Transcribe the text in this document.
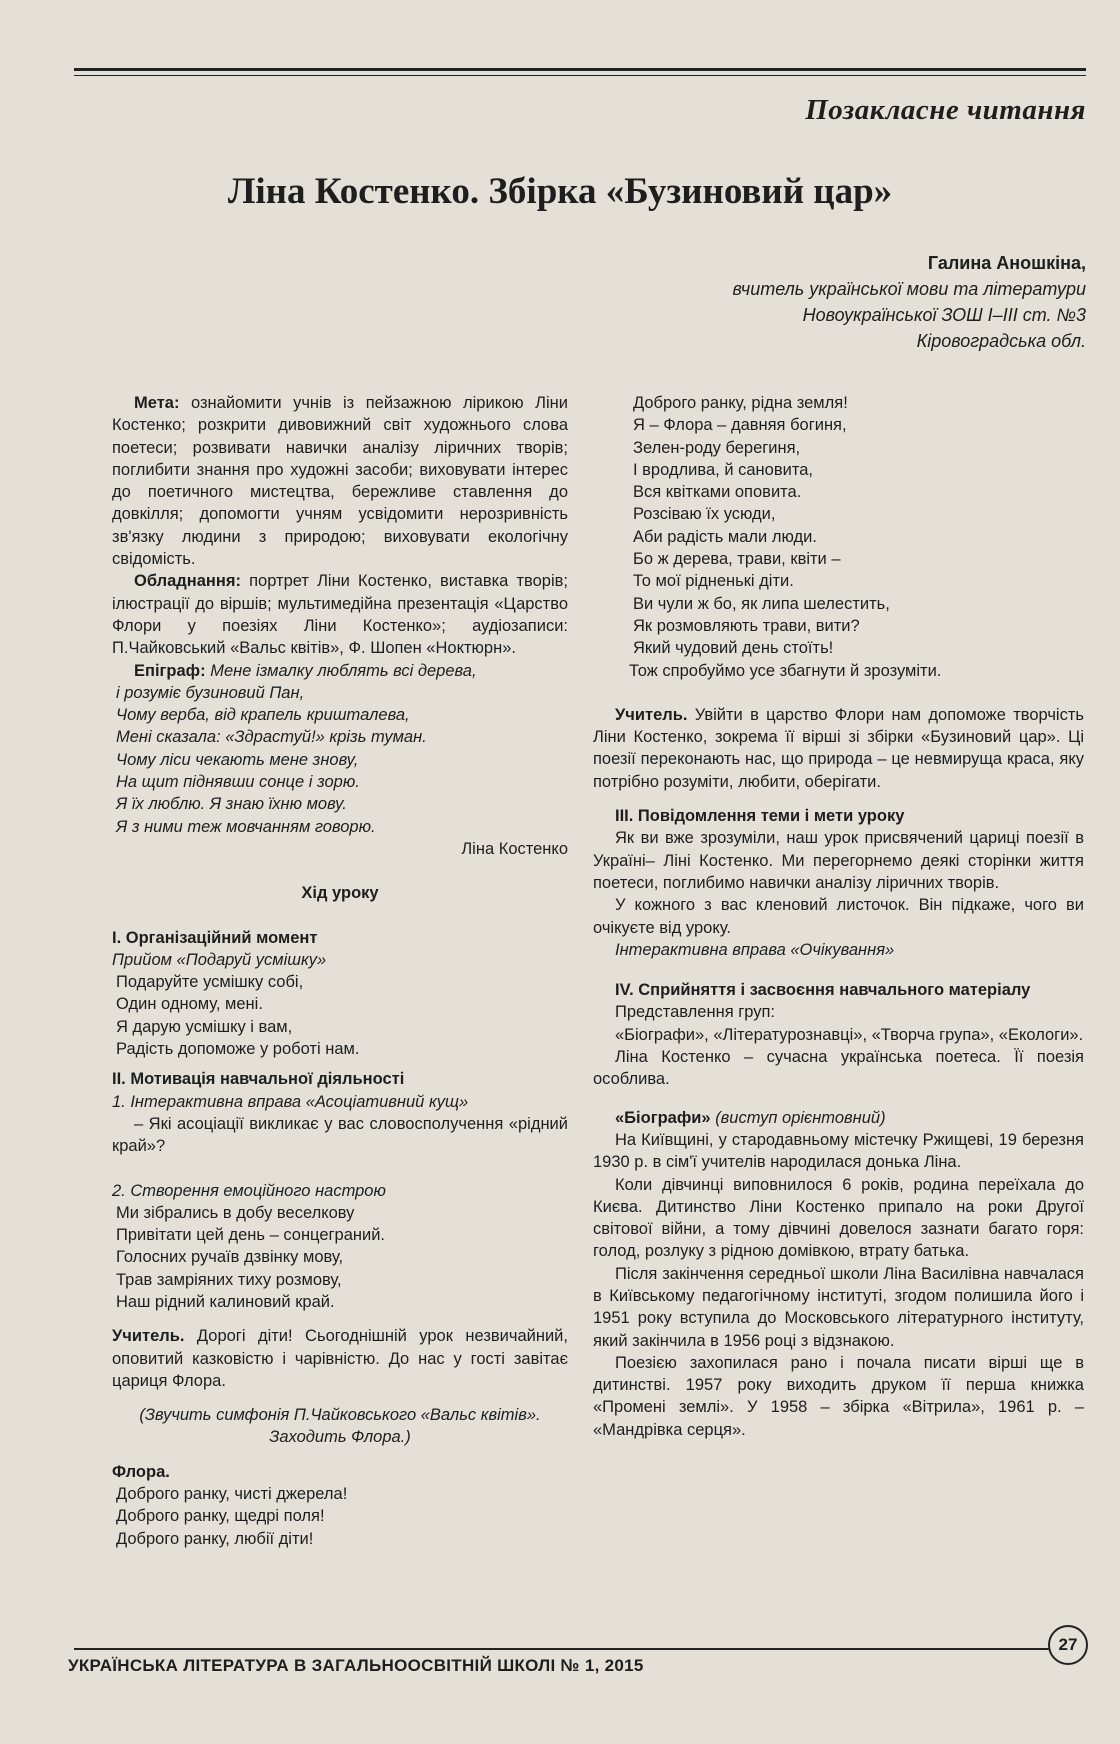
Позакласне читання
Ліна Костенко. Збірка «Бузиновий цар»
Галина Аношкіна,
вчитель української мови та літератури
Новоукраїнської ЗОШ І–ІІІ ст. №3
Кіровоградська обл.

Мета: ознайомити учнів із пейзажною лірикою Ліни Костенко; розкрити дивовижний світ художнього слова поетеси; розвивати навички аналізу ліричних творів; поглибити знання про художні засоби; виховувати інтерес до поетичного мистецтва, бережливе ставлення до довкілля; допомогти учням усвідомити нерозривність зв'язку людини з природою; виховувати екологічну свідомість.

Обладнання: портрет Ліни Костенко, виставка творів; ілюстрації до віршів; мультимедійна презентація «Царство Флори у поезіях Ліни Костенко»; аудіозаписи: П.Чайковський «Вальс квітів», Ф. Шопен «Ноктюрн».

Епіграф: Мене ізмалку люблять всі дерева,

і розуміє бузиновий Пан,

Чому верба, від крапель кришталева,

Мені сказала: «Здрастуй!» крізь туман.

Чому ліси чекають мене знову,

На щит піднявши сонце і зорю.

Я їх люблю. Я знаю їхню мову.

Я з ними теж мовчанням говорю.

Ліна Костенко

Хід уроку

І. Організаційний момент

Прийом «Подаруй усмішку»

Подаруйте усмішку собі,

Один одному, мені.

Я дарую усмішку і вам,

Радість допоможе у роботі нам.

ІІ. Мотивація навчальної діяльності

1. Інтерактивна вправа «Асоціативний кущ»

– Які асоціації викликає у вас словосполучення «рідний край»?

2. Створення емоційного настрою

Ми зібрались в добу веселкову

Привітати цей день – сонцеграний.

Голосних ручаїв дзвінку мову,

Трав замріяних тиху розмову,

Наш рідний калиновий край.

Учитель. Дорогі діти! Сьогоднішній урок незвичайний, оповитий казковістю і чарівністю. До нас у гості завітає цариця Флора.

(Звучить симфонія П.Чайковського «Вальс квітів».

Заходить Флора.)

Флора.

Доброго ранку, чисті джерела!

Доброго ранку, щедрі поля!

Доброго ранку, любії діти!

Доброго ранку, рідна земля!

Я – Флора – давняя богиня,

Зелен-роду берегиня,

І вродлива, й сановита,

Вся квітками оповита.

Розсіваю їх усюди,

Аби радість мали люди.

Бо ж дерева, трави, квіти –

То мої рідненькі діти.

Ви чули ж бо, як липа шелестить,

Як розмовляють трави, вити?

Який чудовий день стоїть!

Тож спробуймо усе збагнути й зрозуміти.

Учитель. Увійти в царство Флори нам допоможе творчість Ліни Костенко, зокрема її вірші зі збірки «Бузиновий цар». Ці поезії переконають нас, що природа – це невмируща краса, яку потрібно розуміти, любити, оберігати.

ІІІ. Повідомлення теми і мети уроку

Як ви вже зрозуміли, наш урок присвячений цариці поезії в Україні– Ліні Костенко. Ми перегорнемо деякі сторінки життя поетеси, поглибимо навички аналізу ліричних творів.

У кожного з вас кленовий листочок. Він підкаже, чого ви очікуєте від уроку.

Інтерактивна вправа «Очікування»

IV. Сприйняття і засвоєння навчального матеріалу

Представлення груп:

«Біографи», «Літературознавці», «Творча група», «Екологи».

Ліна Костенко – сучасна українська поетеса. Її поезія особлива.

«Біографи» (виступ орієнтовний)

На Київщині, у стародавньому містечку Ржищеві, 19 березня 1930 р. в сім'ї учителів народилася донька Ліна.

Коли дівчинці виповнилося 6 років, родина переїхала до Києва. Дитинство Ліни Костенко припало на роки Другої світової війни, а тому дівчині довелося зазнати багато горя: голод, розлуку з рідною домівкою, втрату батька.

Після закінчення середньої школи Ліна Василівна навчалася в Київському педагогічному інституті, згодом полишила його і 1951 року вступила до Московського літературного інституту, який закінчила в 1956 році з відзнакою.

Поезією захопилася рано і почала писати вірші ще в дитинстві. 1957 року виходить друком її перша книжка «Промені землі». У 1958 – збірка «Вітрила», 1961 р. – «Мандрівка серця».

УКРАЇНСЬКА ЛІТЕРАТУРА В ЗАГАЛЬНООСВІТНІЙ ШКОЛІ № 1, 2015
27
